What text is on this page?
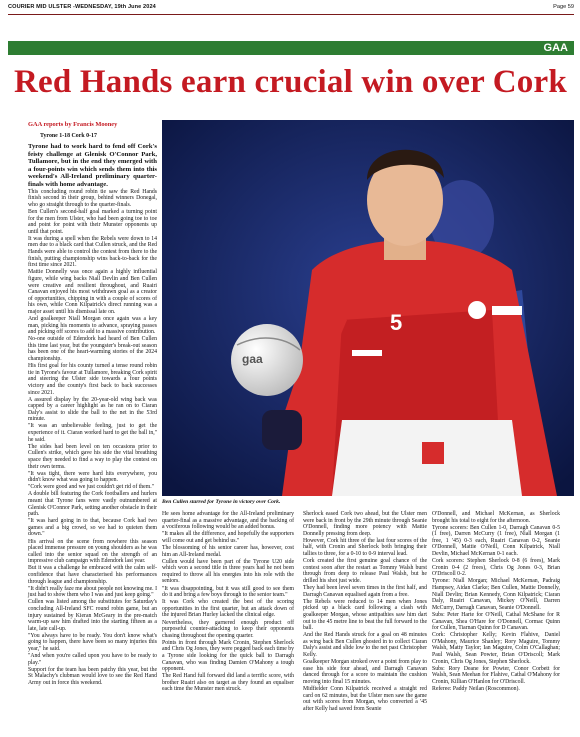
COURIER MID ULSTER -WEDNESDAY, 19th June 2024	Page 59
GAA
Red Hands earn crucial win over Cork
GAA reports by Francis Mooney
Tyrone 1-18 Cork 0-17

Tyrone had to work hard to fend off Cork's feisty challenge at Glenisk O'Connor Park, Tullamore, but in the end they emerged with a four-points win which sends them into this weekend's All-Ireland preliminary quarter-finals with home advantage.

This concluding round robin tie saw the Red Hands finish second in their group, behind winners Donegal, who go straight through to the quarter-finals.

Ben Cullen's second-half goal marked a turning point for the men from Ulster, who had been going toe to toe and point for point with their Munster opponents up until that point.

It was during a spell when the Rebels were down to 14 men due to a black card that Cullen struck, and the Red Hands were able to control the contest from there to the finish, putting championship wins back-to-back for the first time since 2021.

Mattie Donnelly was once again a highly influential figure, while wing backs Niall Devlin and Ben Cullen were creative and resilient throughout, and Ruairi Canavan enjoyed his most withdrawn goal as a creator of opportunities, chipping in with a couple of scores of his own, while Conn Kilpatrick's direct running was a major asset until his dismissal late on.

And goalkeeper Niall Morgan once again was a key man, picking his moments to advance, spraying passes and picking off scores to add to a massive contribution.

No-one outside of Edendork had heard of Ben Cullen this time last year, but the youngster's break-out season has been one of the heart-warming stories of the 2024 championship.

His first goal for his county turned a tense round robin tie in Tyrone's favour at Tullamore, breaking Cork spirit and steering the Ulster side towards a four points victory and the county's first back to back successes since 2021.

A assured display by the 20-year-old wing back was capped by a career highlight as he ran on to Ciaran Daly's assist to slide the ball to the net in the 53rd minute.

"It was an unbelievable feeling, just to get the experience of it. Ciaran worked hard to get the ball in," he said.

The sides had been level on ten occasions prior to Cullen's strike, which gave his side the vital breathing space they needed to find a way to play the contest on their own terms.

"It was tight, there were hard hits everywhere, you didn't know what was going to happen.

"Cork were good and we just couldn't get rid of them."

A double bill featuring the Cork footballers and hurlers meant that Tyrone fans were vastly outnumbered at Glenisk O'Connor Park, setting another obstacle in their path.

"It was hard going in to that, because Cork had two games and a big crowd, so we had to quieten them down."

His arrival on the scene from nowhere this season placed immense pressure on young shoulders as he was called into the senior squad on the strength of an impressive club campaign with Edendork last year.

But it was a challenge he embraced with the calm self-confidence that have characterised his performances through league and championship.

"It didn't really faze me about people not knowing me. I just had to show them who I was and just keep going."

Cullen was listed among the substitutes for Saturday's concluding All-Ireland SFC round robin game, but an injury sustained by Kieran McGeary in the pre-match warm-up saw him drafted into the starting fifteen as a late, late call-up.

"You always have to be ready. You don't know what's going to happen, there have been so many injuries this year," he said.

"And when you're called upon you have to be ready to play."

Support for the team has been patchy this year, but the St Malachy's clubman would love to see the Red Hand Army out in force this weekend.

5
gaa
Ben Cullen starred for Tyrone in victory over Cork.

He sees home advantage for the All-Ireland preliminary quarter-final as a massive advantage, and the backing of a vociferous following would be an added bonus.

"It makes all the difference, and hopefully the supporters will come out and get behind us."

The blossoming of his senior career has, however, cost him an All-Ireland medal.

Cullen would have been part of the Tyrone U20 side which won a second title in three years had he not been required to throw all his energies into his role with the seniors.

"It was disappointing, but it was still good to see them do it and bring a few boys through to the senior team."

It was Cork who created the best of the scoring opportunities in the first quarter, but an attack down of the injured Brian Hurley lacked the clinical edge.

Nevertheless, they garnered enough product off purposeful counter-attacking to keep their opponents chasing throughout the opening quarter.

Points in front through Mark Cronin, Stephen Sherlock and Chris Og Jones, they were pegged back each time by a Tyrone side looking for the quick ball to Darragh Canavan, who was finding Damien O'Mahony a tough opponent.

The Red Hand full forward did land a terrific score, with brother Ruairi also on target as they found an equaliser each time the Munster men struck.

Sherlock eased Cork two ahead, but the Ulster men were back in front by the 29th minute through Seanie O'Donnell, finding more potency with Mattie Donnelly pressing from deep.

However, Cork hit three of the last four scores of the half, with Cronin and Sherlock both bringing their tallies to three, for a 0-10 to 0-9 interval lead.

Cork created the first genuine goal chance of the contest soon after the restart as Tommy Walsh burst through from deep to release Paul Walsh, but he drilled his shot just wide.

They had been level seven times in the first half, and Darragh Canavan equalised again from a free.

The Rebels were reduced to 14 men when Jones picked up a black card following a clash with goalkeeper Morgan, whose antipathies saw him dart out to the 45 metre line to beat the full forward to the ball.

And the Red Hands struck for a goal on 48 minutes as wing back Ben Cullen ghosted in to collect Ciaran Daly's assist and slide low to the net past Christopher Kelly.

Goalkeeper Morgan stroked over a point from play to ease his side four ahead, and Darragh Canavan danced through for a score to maintain the cushion moving into final 15 minutes.

Midfielder Conn Kilpatrick received a straight red card on 62 minutes, but the Ulster men saw the game out with scores from Morgan, who converted a '45 after Kelly had saved from Seanie

O'Donnell, and Michael McKernan, as Sherlock brought his total to eight for the afternoon.

Tyrone scorers: Ben Cullen 1-0, Darragh Canavan 0-5 (1 free), Darren McCurry (1 free), Niall Morgan (1 free, 1 '45) 0-3 each, Ruairi Canavan 0-2, Seanie O'Donnell, Mattie O'Neill, Conn Kilpatrick, Niall Devlin, Michael McKernan 0-1 each.

Cork scorers: Stephen Sherlock 0-8 (6 frees), Mark Cronin 0-4 (2 frees), Chris Og Jones 0-3, Brian O'Driscoll 0-2.

Tyrone: Niall Morgan; Michael McKernan, Padraig Hampsey, Aidan Clarke; Ben Cullen, Mattie Donnelly, Niall Devlin; Brian Kennedy, Conn Kilpatrick; Ciaran Daly, Ruairi Canavan, Mickey O'Neill, Darren McCurry, Darragh Canavan, Seanie O'Donnell.

Subs: Peter Harte for O'Neill, Cathal McShane for R Canavan, Shea O'Hare for O'Donnell, Cormac Quinn for Cullen, Tiarnan Quinn for D Canavan.

Cork: Christopher Kelly; Kevin Flahive, Daniel O'Mahony, Maurice Shanley; Rory Maguire, Tommy Walsh, Matty Taylor; Ian Maguire, Colm O'Callaghan; Paul Walsh, Sean Powter, Brian O'Driscoll; Mark Cronin, Chris Og Jones, Stephen Sherlock.

Subs: Rory Deane for Powter, Conor Corbett for Walsh, Sean Meehan for Flahive, Cathal O'Mahony for Cronin, Killian O'Hanlon for O'Driscoll.

Referee: Paddy Neilan (Roscommon).
